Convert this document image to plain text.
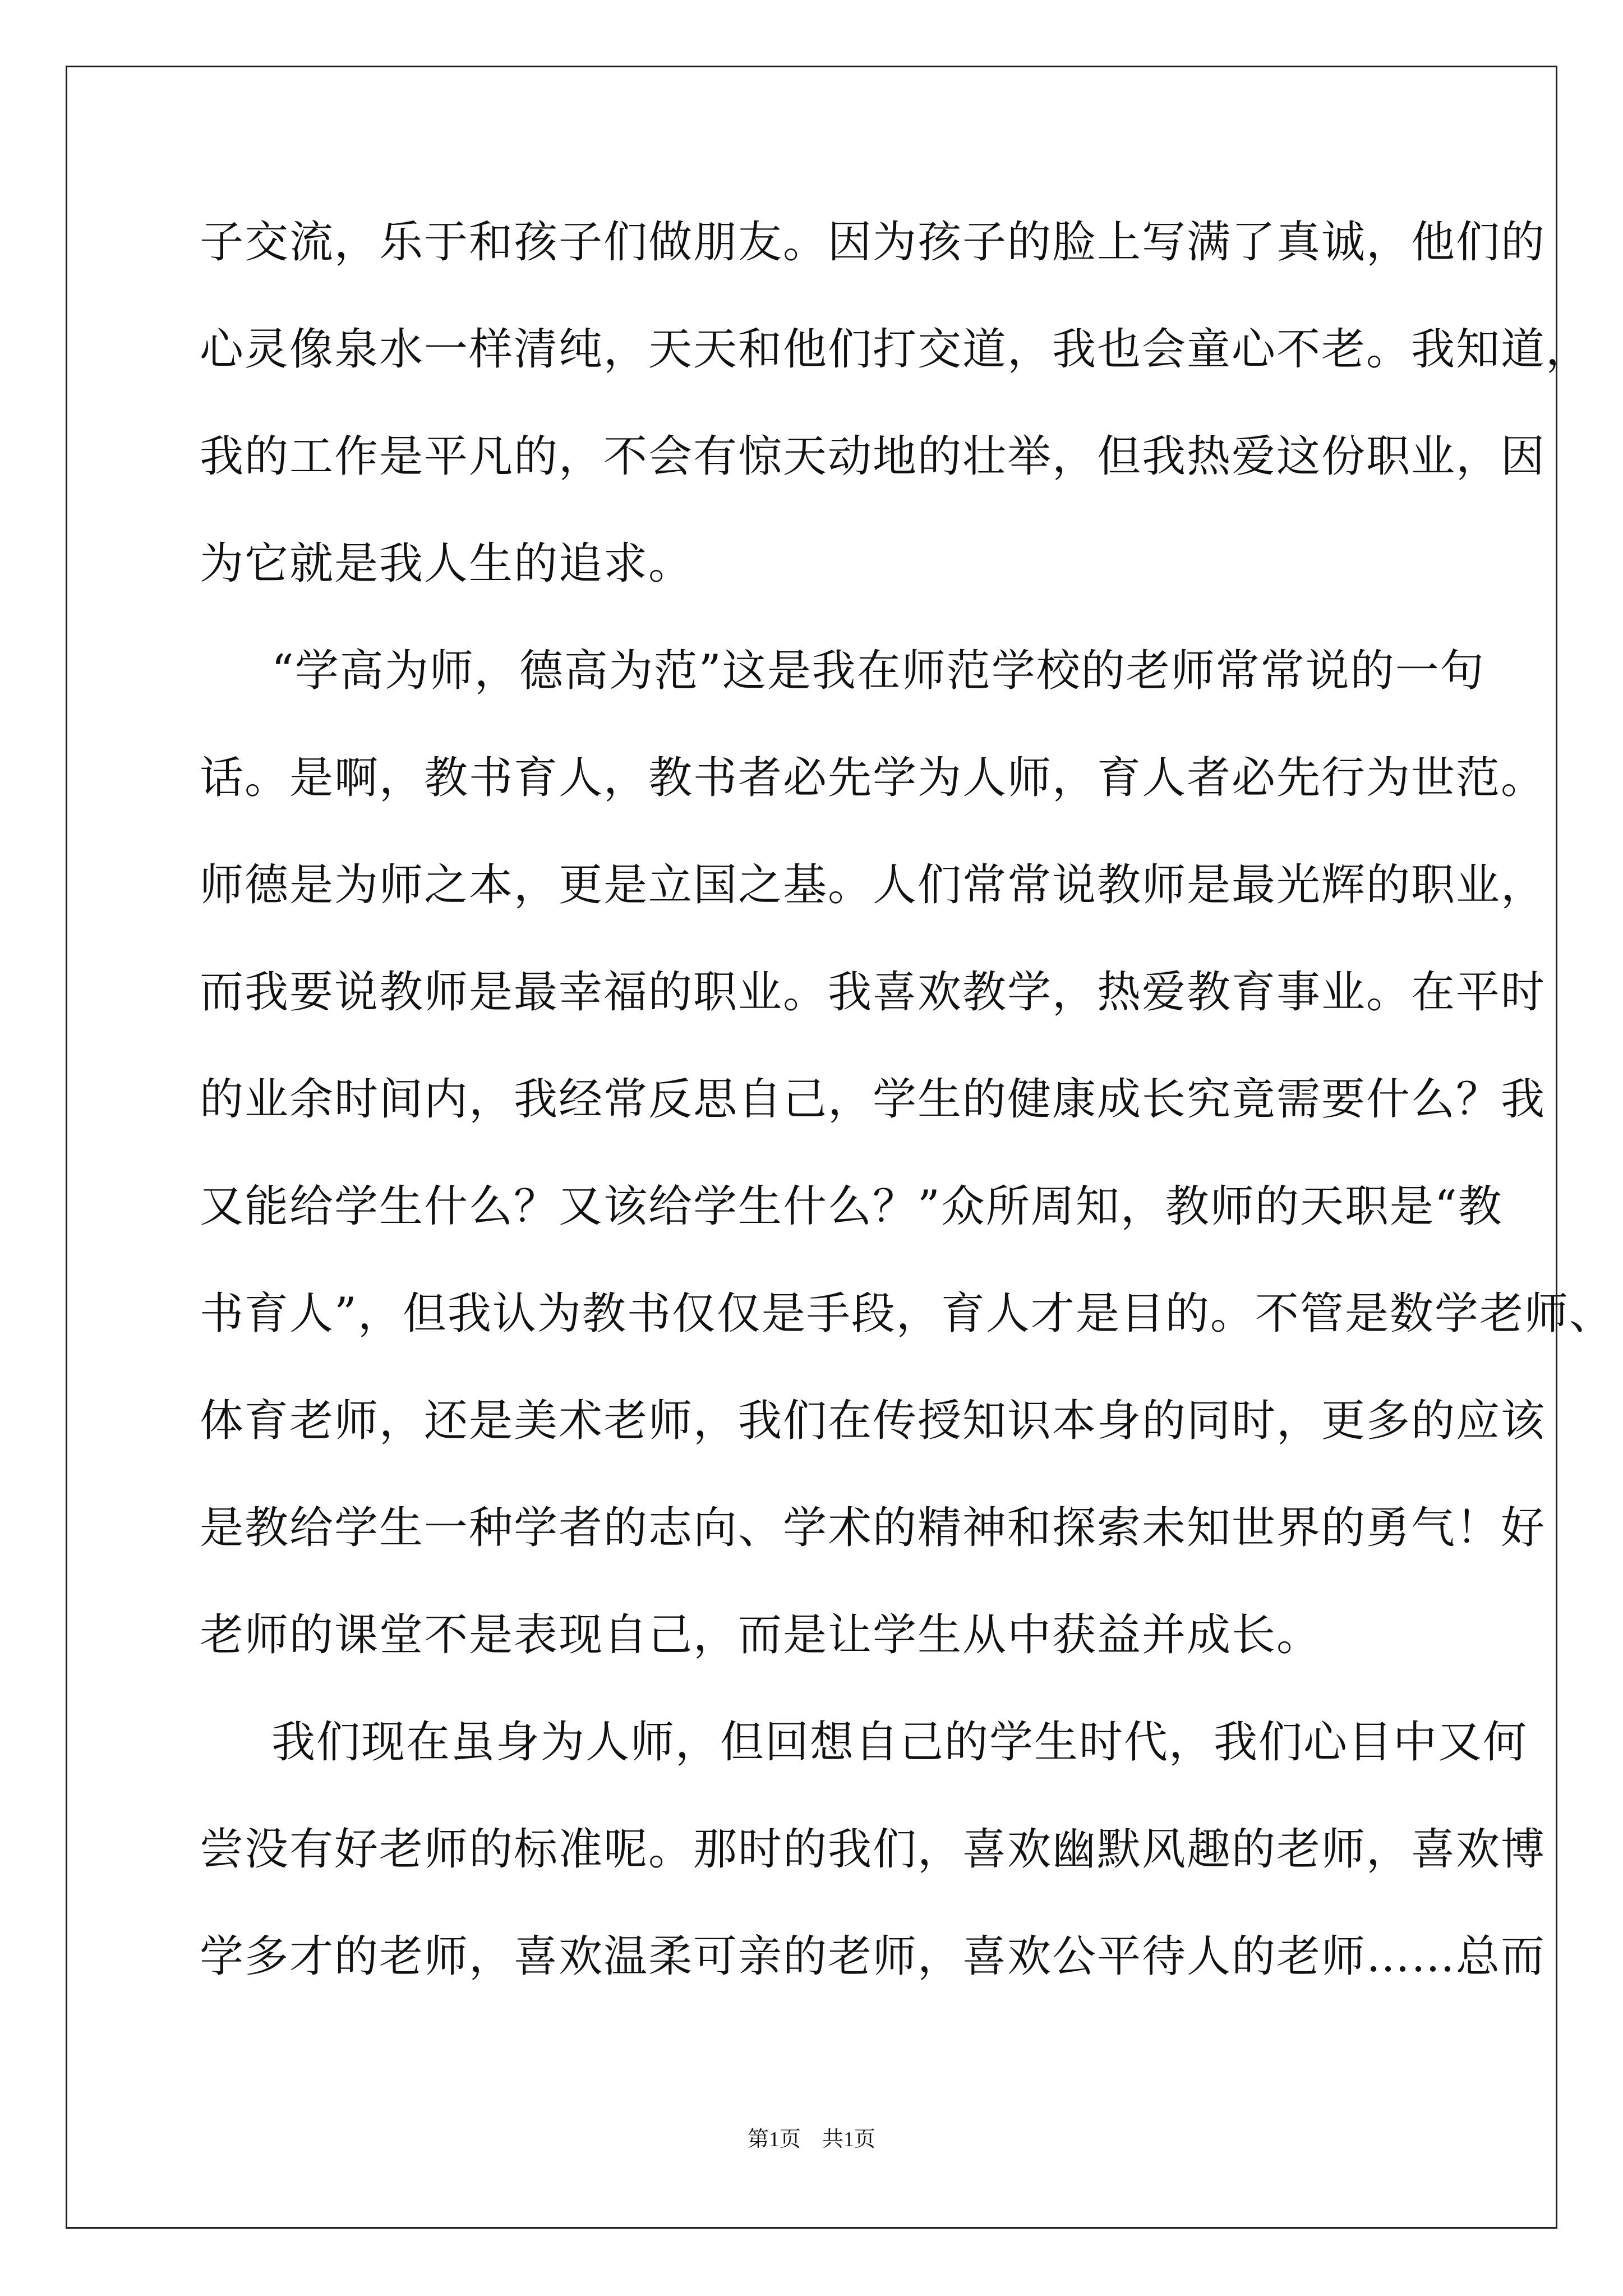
子交流，乐于和孩子们做朋友。因为孩子的脸上写满了真诚，他们的
心灵像泉水一样清纯，天天和他们打交道，我也会童心不老。我知道，
我的工作是平凡的，不会有惊天动地的壮举，但我热爱这份职业，因
为它就是我人生的追求。
“学高为师，德高为范”这是我在师范学校的老师常常说的一句
话。是啊，教书育人，教书者必先学为人师，育人者必先行为世范。
师德是为师之本，更是立国之基。人们常常说教师是最光辉的职业，
而我要说教师是最幸福的职业。我喜欢教学，热爱教育事业。在平时
的业余时间内，我经常反思自己，学生的健康成长究竟需要什么？我
又能给学生什么？又该给学生什么？”众所周知，教师的天职是“教
书育人”，但我认为教书仅仅是手段，育人才是目的。不管是数学老师、
体育老师，还是美术老师，我们在传授知识本身的同时，更多的应该
是教给学生一种学者的志向、学术的精神和探索未知世界的勇气！好
老师的课堂不是表现自己，而是让学生从中获益并成长。
我们现在虽身为人师，但回想自己的学生时代，我们心目中又何
尝没有好老师的标准呢。那时的我们，喜欢幽默风趣的老师，喜欢博
学多才的老师，喜欢温柔可亲的老师，喜欢公平待人的老师……总而
第1页　共1页
